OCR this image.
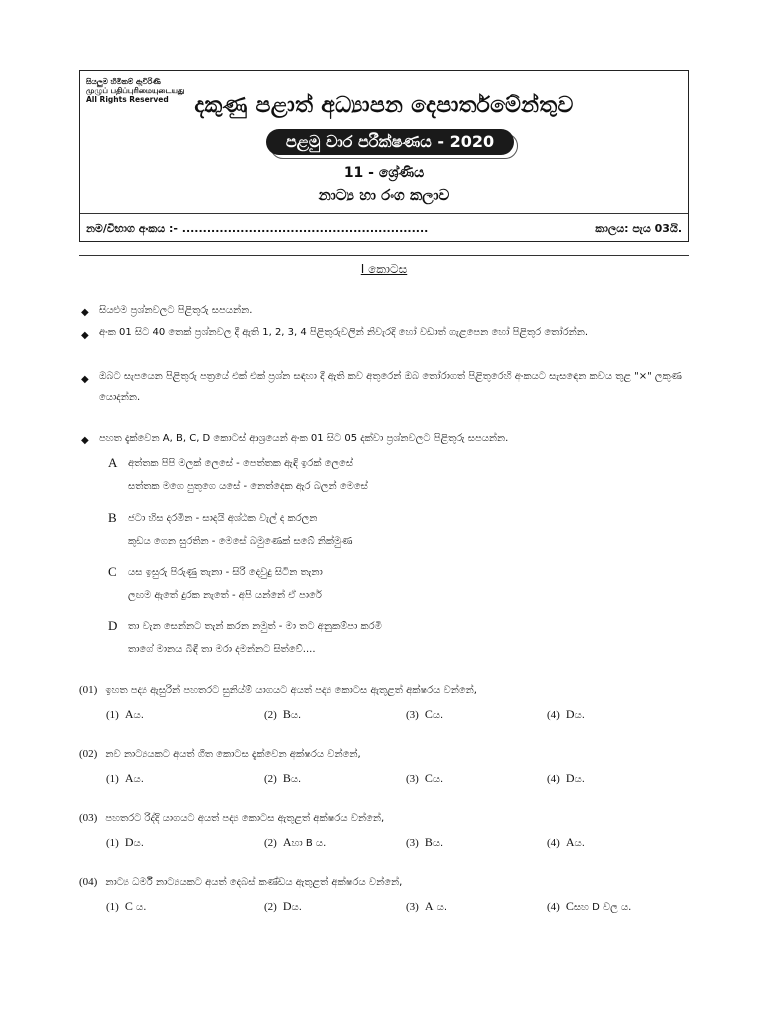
සියලුම හිමිකම් ඇවිරිණි
முழுப் பதிப்புரிமையுடையது
All Rights Reserved	දකුණු පළාත් අධ්‍යාපන දෙපාර්තමේන්තුව
පළමු වාර පරීක්ෂණය - 2020
11 - ශ්‍රේණිය
නාට්‍ය හා රංග කලාව
නම/විභාග අංකය :- ...........................................................	කාලය: පැය 03යි.
I කොටස
◆ සියළුම ප්‍රශ්නවලට පිළිතුරු සපයන්න.
◆ අංක 01 සිට 40 තෙක් ප්‍රශ්නවල දී ඇති 1, 2, 3, 4 පිළිතුරුවලින් නිවැරදි හෝ වඩාත් ගැළපෙන හෝ පිළිතුර තෝරන්න.
◆ ඔබට සැපයෙන පිළිතුරු පත්‍රයේ එක් එක් ප්‍රශ්න සඳහා දී ඇති කව අතුරෙන් ඔබ තෝරාගත් පිළිතුරෙහි අංකයට සැසඳෙන කවය තුළ "×" ලකුණ යොදන්න.
◆ පහත දැක්වෙන A, B, C, D කොටස් ආශ්‍රයෙන් අංක 01 සිට 05 දක්වා ප්‍රශ්නවලට පිළිතුරු සපයන්න.
A අත්තක පිපි මලක් ලෙසේ - පෙත්තක ඇඳි ඉරක් ලෙසේ
සත්තක මගෙ පුතුගෙ යසේ - නෙත්දෙක ඇර බලන් මෙසේ
B ජටා හිස දරමින - සාදයි අශ්ඨක වැල් ද කරලන
කුඩය ගෙන සුරතින - මෙසේ බමුණෙක් සබේ නික්මුණ
C යස ඉසුරු පිරුණු තැනා - සිරි දෙවුදු සිටින තැනා
ලඟම ඇතේ දුරක නැතේ - අපි යන්නේ ඒ පාරේ
D තා වැන සෙන්නට තැන් කරන නමුත් - මා තට අනුකම්පා කරමි
තාගේ මානය බිඳී තා මරා දමන්නට සිත්වේ....
(01) ඉහත පද්‍ය ඇසුරින් පහතරට සුනිය්ම් යාගයට අයත් පද්‍ය කොටස ඇතුළත් අක්ෂරය වන්නේ,
(1) Aය.	(2) Bය.	(3) Cය.	(4) Dය.
(02) නව නාට්‍යයකට අයත් ගීත කොටස දැක්වෙන අක්ෂරය වන්නේ,
(1) Aය.	(2) Bය.	(3) Cය.	(4) Dය.
(03) පහතරට රිද්දි යාගයට අයත් පද්‍ය කොටස ඇතුළත් අක්ෂරය වන්නේ,
(1) Dය.	(2) Aහා B ය.	(3) Bය.	(4) Aය.
(04) නාට්‍ය ධර්මී නාට්‍යයකට අයත් දෙබස් කණ්ඩය ඇතුළත් අක්ෂරය වන්නේ,
(1) C ය.	(2) Dය.	(3) A ය.	(4) Cසහ D වල ය.
